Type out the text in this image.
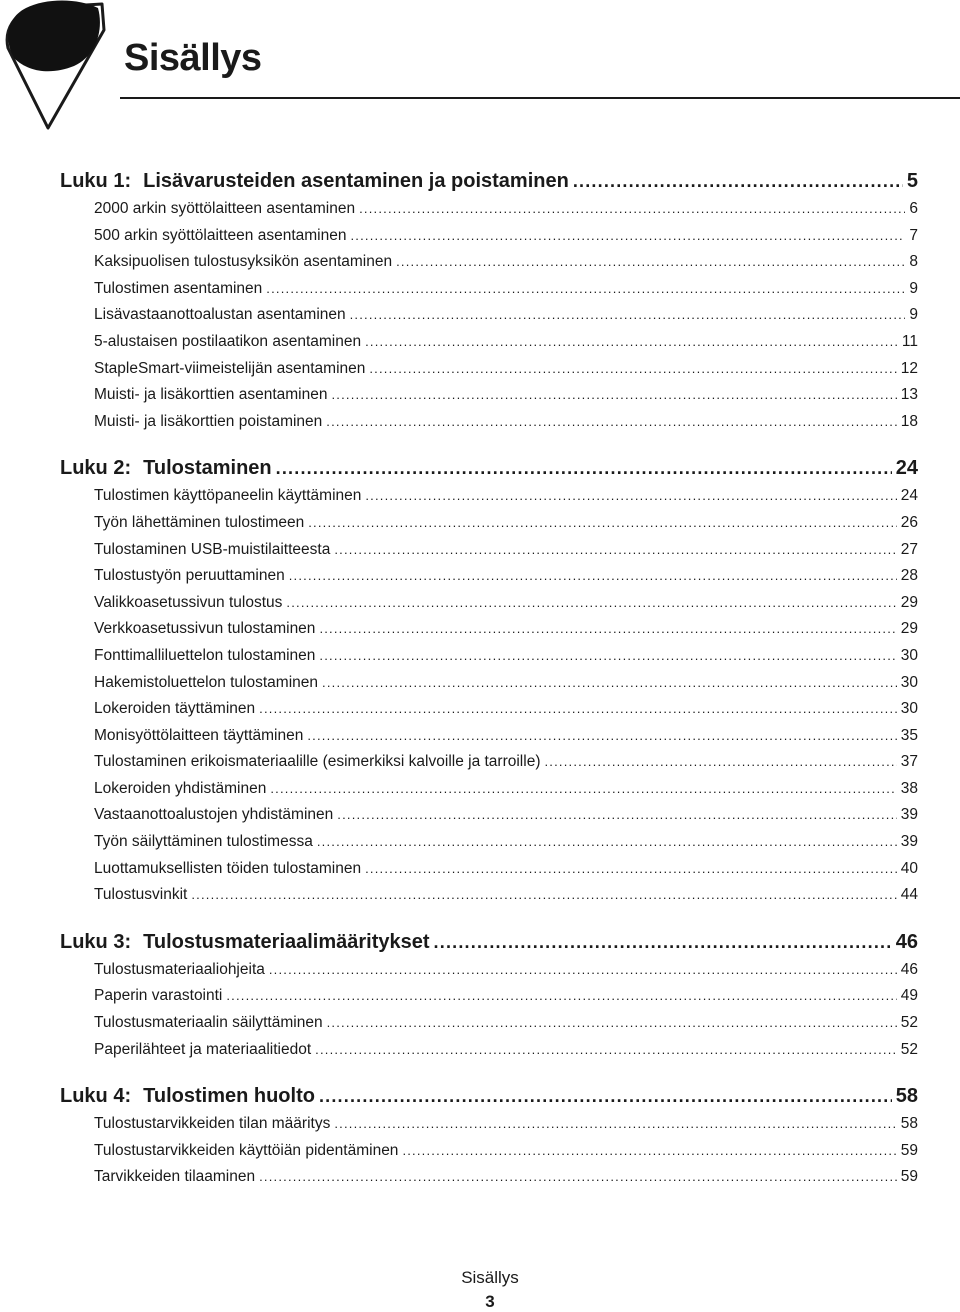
Sisällys
Luku 1: Lisävarusteiden asentaminen ja poistaminen .....	5
2000 arkin syöttölaitteen asentaminen .....	6
500 arkin syöttölaitteen asentaminen .....	7
Kaksipuolisen tulostusyksikön asentaminen .....	8
Tulostimen asentaminen .....	9
Lisävastaanottoalustan asentaminen .....	9
5-alustaisen postilaatikon asentaminen .....	11
StapleSmart-viimeistelijän asentaminen .....	12
Muisti- ja lisäkorttien asentaminen .....	13
Muisti- ja lisäkorttien poistaminen .....	18
Luku 2: Tulostaminen .....	24
Tulostimen käyttöpaneelin käyttäminen .....	24
Työn lähettäminen tulostimeen .....	26
Tulostaminen USB-muistilaitteesta .....	27
Tulostustyön peruuttaminen .....	28
Valikkoasetussivun tulostus .....	29
Verkkoasetussivun tulostaminen .....	29
Fonttimalliluettelon tulostaminen .....	30
Hakemistoluettelon tulostaminen .....	30
Lokeroiden täyttäminen .....	30
Monisyöttölaitteen täyttäminen .....	35
Tulostaminen erikoismateriaalille (esimerkiksi kalvoille ja tarroille) .....	37
Lokeroiden yhdistäminen .....	38
Vastaanottoalustojen yhdistäminen .....	39
Työn säilyttäminen tulostimessa .....	39
Luottamuksellisten töiden tulostaminen .....	40
Tulostusvinkit .....	44
Luku 3: Tulostusmateriaalimääritykset .....	46
Tulostusmateriaaliohjeita .....	46
Paperin varastointi .....	49
Tulostusmateriaalin säilyttäminen .....	52
Paperilähteet ja materiaalitiedot .....	52
Luku 4: Tulostimen huolto .....	58
Tulostustarvikkeiden tilan määritys .....	58
Tulostustarvikkeiden käyttöiän pidentäminen .....	59
Tarvikkeiden tilaaminen .....	59
Sisällys
3
